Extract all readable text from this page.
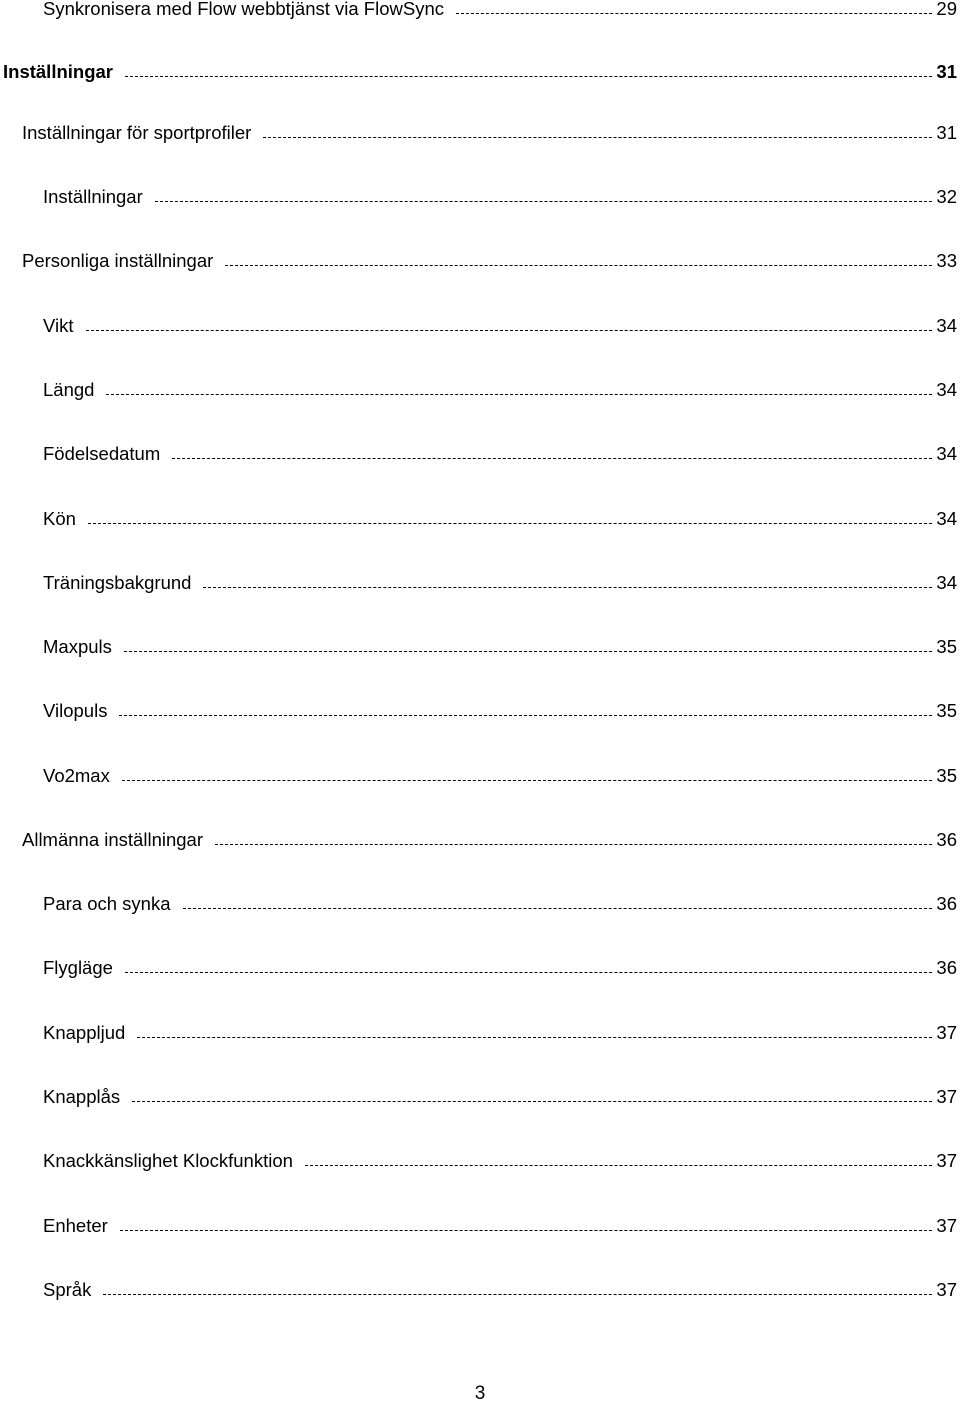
Synkronisera med Flow webbtjänst via FlowSync	29
Inställningar	31
Inställningar för sportprofiler	31
Inställningar	32
Personliga inställningar	33
Vikt	34
Längd	34
Födelsedatum	34
Kön	34
Träningsbakgrund	34
Maxpuls	35
Vilopuls	35
Vo2max	35
Allmänna inställningar	36
Para och synka	36
Flygläge	36
Knappljud	37
Knapplås	37
Knackkänslighet Klockfunktion	37
Enheter	37
Språk	37
3
